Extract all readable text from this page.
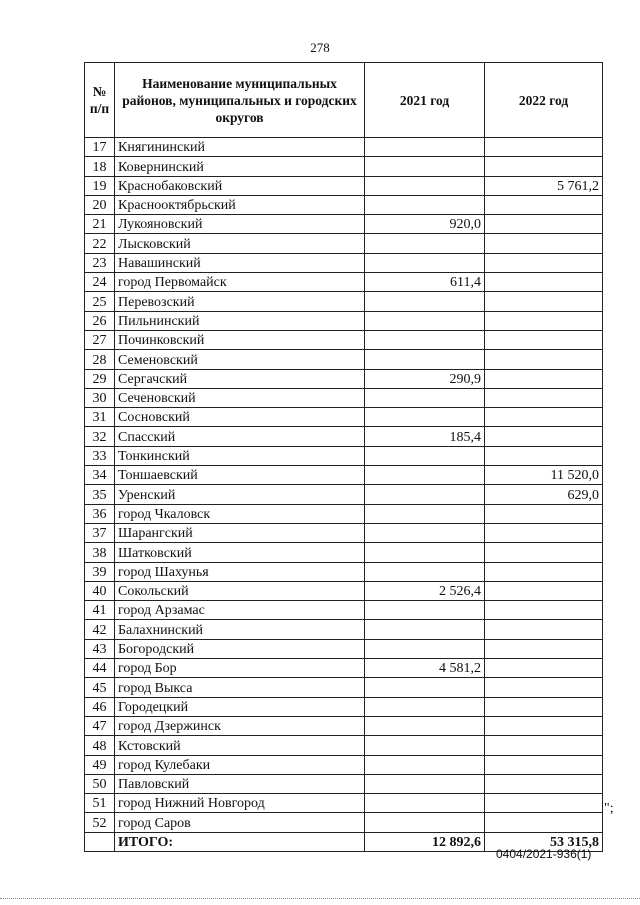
278
№ п/п	Наименование муниципальных районов, муниципальных и городских округов	2021 год	2022 год
17	Княгининский		
18	Ковернинский		
19	Краснобаковский		5 761,2
20	Краснооктябрьский		
21	Лукояновский	920,0	
22	Лысковский		
23	Навашинский		
24	город Первомайск	611,4	
25	Перевозский		
26	Пильнинский		
27	Починковский		
28	Семеновский		
29	Сергачский	290,9	
30	Сеченовский		
31	Сосновский		
32	Спасский	185,4	
33	Тонкинский		
34	Тоншаевский		11 520,0
35	Уренский		629,0
36	город Чкаловск		
37	Шарангский		
38	Шатковский		
39	город Шахунья		
40	Сокольский	2 526,4	
41	город Арзамас		
42	Балахнинский		
43	Богородский		
44	город Бор	4 581,2	
45	город Выкса		
46	Городецкий		
47	город Дзержинск		
48	Кстовский		
49	город Кулебаки		
50	Павловский		
51	город Нижний Новгород		
52	город Саров		
	ИТОГО:	12 892,6	53 315,8
";
0404/2021-936(1)
